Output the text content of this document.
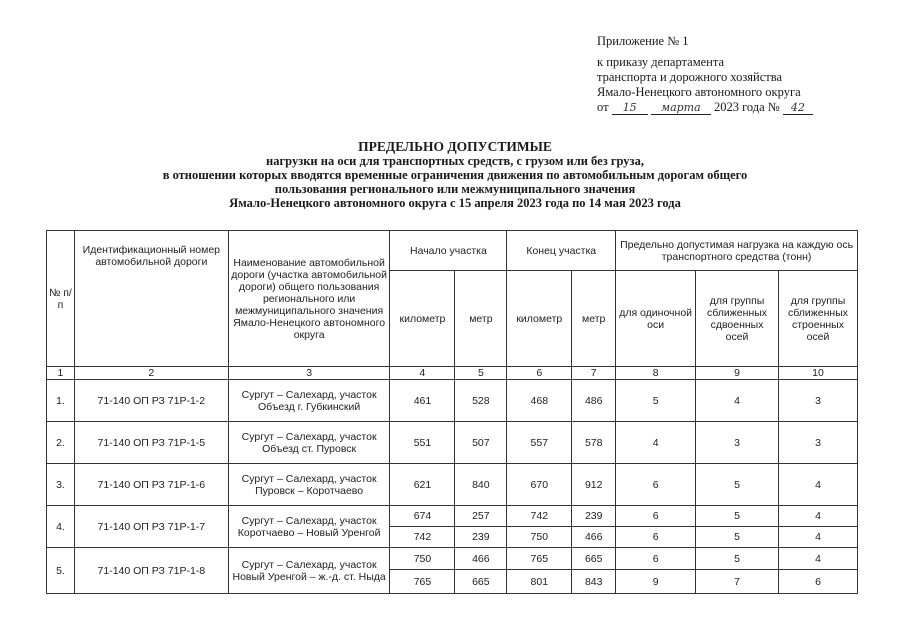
Приложение № 1
к приказу департамента
транспорта и дорожного хозяйства
Ямало-Ненецкого автономного округа
от 15 марта 2023 года № 42
ПРЕДЕЛЬНО ДОПУСТИМЫЕ
нагрузки на оси для транспортных средств, с грузом или без груза,
в отношении которых вводятся временные ограничения движения по автомобильным дорогам общего
пользования регионального или межмуниципального значения
Ямало-Ненецкого автономного округа с 15 апреля 2023 года по 14 мая 2023 года
№ п/ п	Идентификационный номер автомобильной дороги	Наименование автомобильной дороги (участка автомобильной дороги) общего пользования регионального или межмуниципального значения Ямало-Ненецкого автономного округа	Начало участка		Конец участка		Предельно допустимая нагрузка на каждую ось транспортного средства (тонн)		
			километр	метр	километр	метр	для одиночной оси	для группы сближенных сдвоенных осей	для группы сближенных строенных осей
1	2	3	4	5	6	7	8	9	10
1.	71-140 ОП РЗ 71Р-1-2	Сургут – Салехард, участок Объезд г. Губкинский	461	528	468	486	5	4	3
2.	71-140 ОП РЗ 71Р-1-5	Сургут – Салехард, участок Объезд ст. Пуровск	551	507	557	578	4	3	3
3.	71-140 ОП РЗ 71Р-1-6	Сургут – Салехард, участок Пуровск – Коротчаево	621	840	670	912	6	5	4
4.	71-140 ОП РЗ 71Р-1-7	Сургут – Салехард, участок Коротчаево – Новый Уренгой	674	257	742	239	6	5	4
			742	239	750	466	6	5	4
5.	71-140 ОП РЗ 71Р-1-8	Сургут – Салехард, участок Новый Уренгой – ж.-д. ст. Ныда	750	466	765	665	6	5	4
			765	665	801	843	9	7	6
